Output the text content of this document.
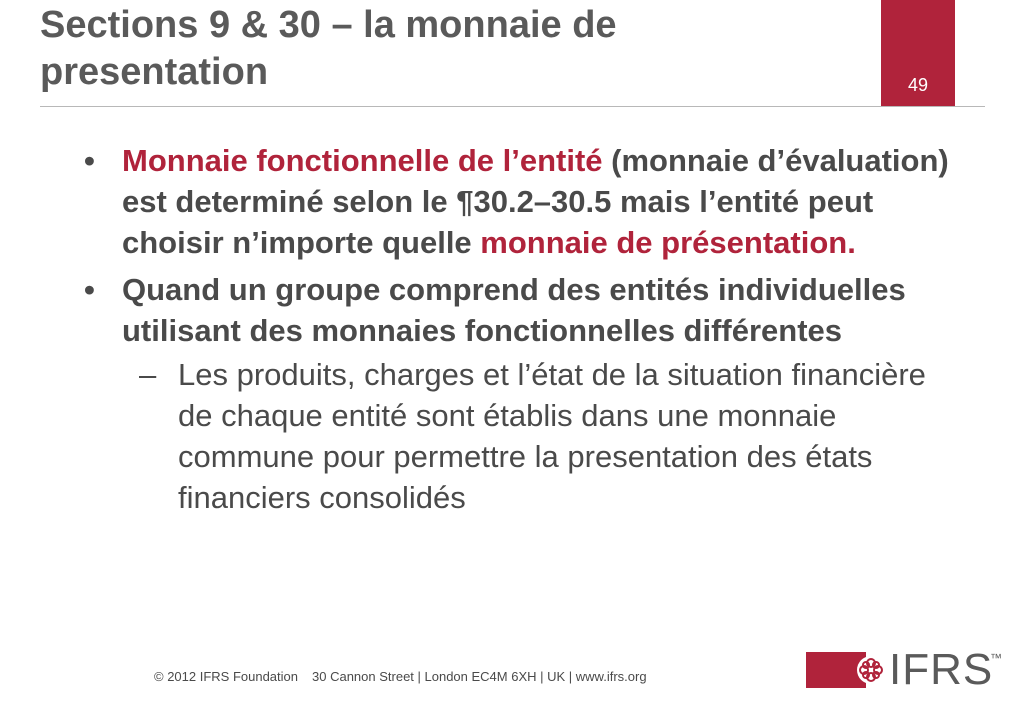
Sections 9 & 30 – la monnaie de presentation	49

• Monnaie fonctionnelle de l’entité (monnaie d’évaluation) est determiné selon le ¶30.2–30.5 mais l’entité peut choisir n’importe quelle monnaie de présentation.

• Quand un groupe comprend des entités individuelles utilisant des monnaies fonctionnelles différentes

– Les produits, charges et l’état de la situation financière de chaque entité sont établis dans une monnaie commune pour permettre la presentation des états financiers consolidés

© 2012 IFRS Foundation 30 Cannon Street | London EC4M 6XH | UK | www.ifrs.org	IFRS
™
